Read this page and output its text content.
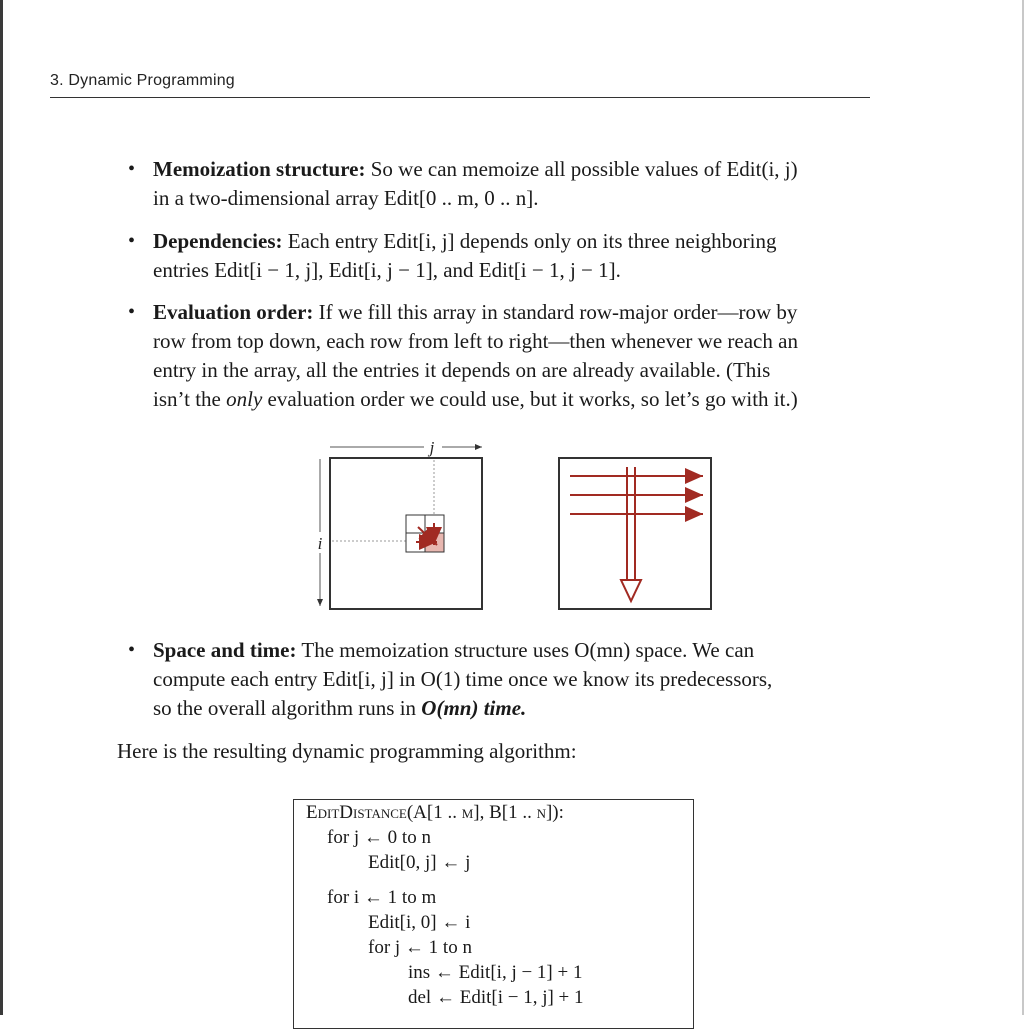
3. Dynamic Programming
• Memoization structure: So we can memoize all possible values of Edit(i, j)
in a two-dimensional array Edit[0 .. m, 0 .. n].
• Dependencies: Each entry Edit[i, j] depends only on its three neighboring
entries Edit[i − 1, j], Edit[i, j − 1], and Edit[i − 1, j − 1].
• Evaluation order: If we fill this array in standard row-major order—row by
row from top down, each row from left to right—then whenever we reach an
entry in the array, all the entries it depends on are already available. (This
isn’t the only evaluation order we could use, but it works, so let’s go with it.)
• Space and time: The memoization structure uses O(mn) space. We can
compute each entry Edit[i, j] in O(1) time once we know its predecessors,
so the overall algorithm runs in O(mn) time.
j
i
Here is the resulting dynamic programming algorithm:
EditDistance(A[1 .. m], B[1 .. n]):
for j ← 0 to n
Edit[0, j] ← j
for i ← 1 to m
Edit[i, 0] ← i
for j ← 1 to n
ins ← Edit[i, j − 1] + 1
del ← Edit[i − 1, j] + 1
